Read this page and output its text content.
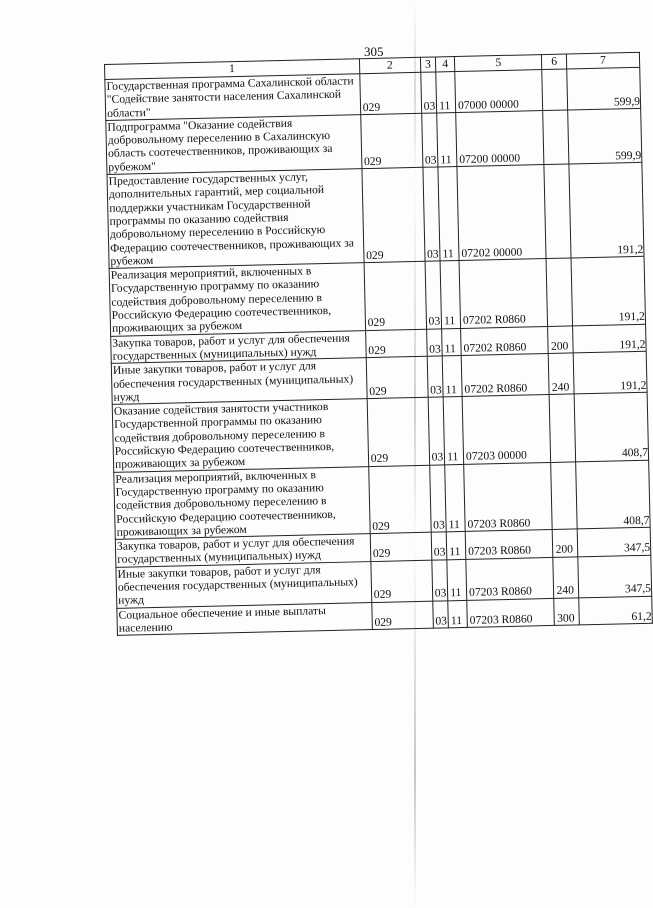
305
1	2	3	4	5	6	7
Государственная программа Сахалинской области "Содействие занятости населения Сахалинской области"	029	03	11	07000 00000		599,9
Подпрограмма "Оказание содействия добровольному переселению в Сахалинскую область соотечественников, проживающих за рубежом"	029	03	11	07200 00000		599,9
Предоставление государственных услуг, дополнительных гарантий, мер социальной поддержки участникам Государственной программы по оказанию содействия добровольному переселению в Российскую Федерацию соотечественников, проживающих за рубежом	029	03	11	07202 00000		191,2
Реализация мероприятий, включенных в Государственную программу по оказанию содействия добровольному переселению в Российскую Федерацию соотечественников, проживающих за рубежом	029	03	11	07202 R0860		191,2
Закупка товаров, работ и услуг для обеспечения государственных (муниципальных) нужд	029	03	11	07202 R0860	200	191,2
Иные закупки товаров, работ и услуг для обеспечения государственных (муниципальных) нужд	029	03	11	07202 R0860	240	191,2
Оказание содействия занятости участников Государственной программы по оказанию содействия добровольному переселению в Российскую Федерацию соотечественников, проживающих за рубежом	029	03	11	07203 00000		408,7
Реализация мероприятий, включенных в Государственную программу по оказанию содействия добровольному переселению в Российскую Федерацию соотечественников, проживающих за рубежом	029	03	11	07203 R0860		408,7
Закупка товаров, работ и услуг для обеспечения государственных (муниципальных) нужд	029	03	11	07203 R0860	200	347,5
Иные закупки товаров, работ и услуг для обеспечения государственных (муниципальных) нужд	029	03	11	07203 R0860	240	347,5
Социальное обеспечение и иные выплаты населению	029	03	11	07203 R0860	300	61,2
